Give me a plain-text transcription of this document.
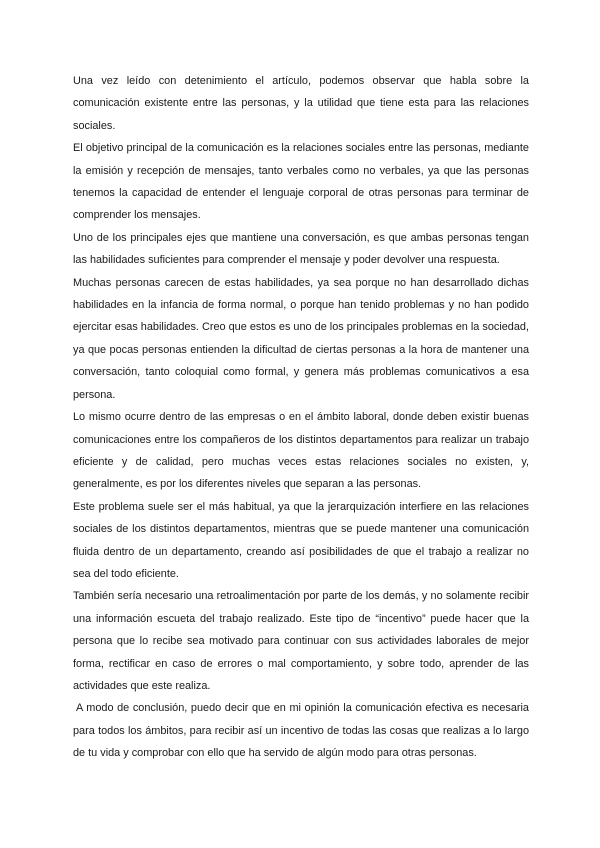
Una vez leído con detenimiento el artículo, podemos observar que habla sobre la comunicación existente entre las personas, y la utilidad que tiene esta para las relaciones sociales.

El objetivo principal de la comunicación es la relaciones sociales entre las personas, mediante la emisión y recepción de mensajes, tanto verbales como no verbales, ya que las personas tenemos la capacidad de entender el lenguaje corporal de otras personas para terminar de comprender los mensajes.

Uno de los principales ejes que mantiene una conversación, es que ambas personas tengan las habilidades suficientes para comprender el mensaje y poder devolver una respuesta.

Muchas personas carecen de estas habilidades, ya sea porque no han desarrollado dichas habilidades en la infancia de forma normal, o porque han tenido problemas y no han podido ejercitar esas habilidades. Creo que estos es uno de los principales problemas en la sociedad, ya que pocas personas entienden la dificultad de ciertas personas a la hora de mantener una conversación, tanto coloquial como formal, y genera más problemas comunicativos a esa persona.

Lo mismo ocurre dentro de las empresas o en el ámbito laboral, donde deben existir buenas comunicaciones entre los compañeros de los distintos departamentos para realizar un trabajo eficiente y de calidad, pero muchas veces estas relaciones sociales no existen, y, generalmente, es por los diferentes niveles que separan a las personas.

Este problema suele ser el más habitual, ya que la jerarquización interfiere en las relaciones sociales de los distintos departamentos, mientras que se puede mantener una comunicación fluida dentro de un departamento, creando así posibilidades de que el trabajo a realizar no sea del todo eficiente.

También sería necesario una retroalimentación por parte de los demás, y no solamente recibir una información escueta del trabajo realizado. Este tipo de “incentivo” puede hacer que la persona que lo recibe sea motivado para continuar con sus actividades laborales de mejor forma, rectificar en caso de errores o mal comportamiento, y sobre todo, aprender de las actividades que este realiza.

A modo de conclusión, puedo decir que en mi opinión la comunicación efectiva es necesaria para todos los ámbitos, para recibir así un incentivo de todas las cosas que realizas a lo largo de tu vida y comprobar con ello que ha servido de algún modo para otras personas.
